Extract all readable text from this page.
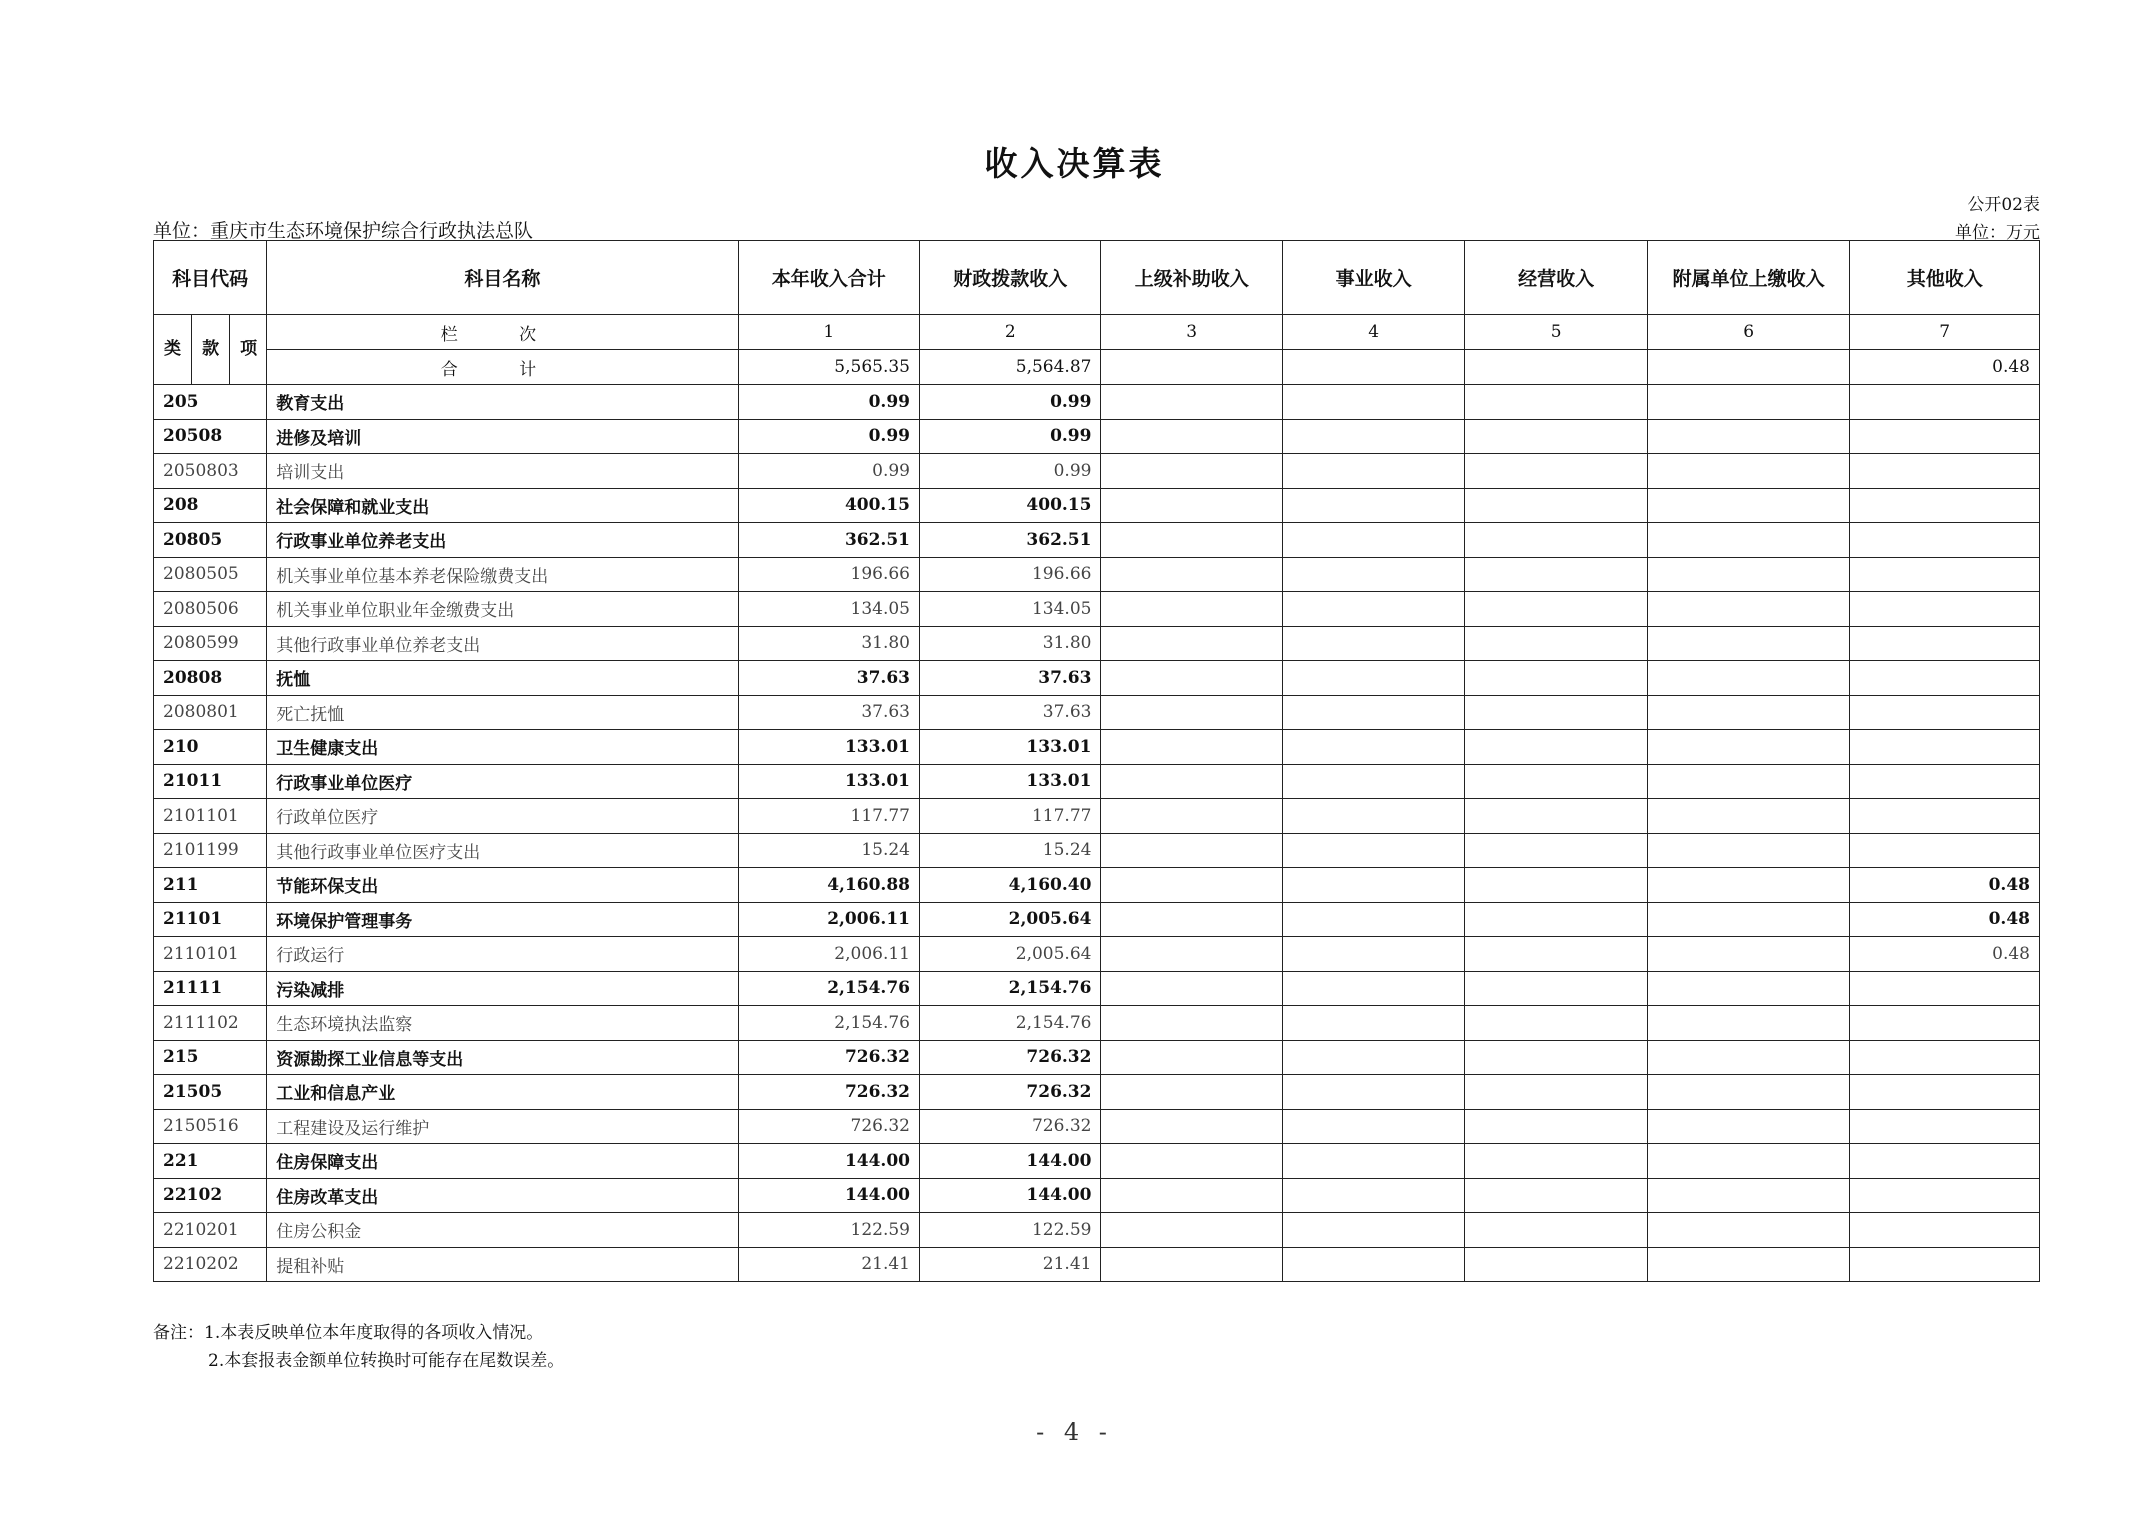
收入决算表
公开02表
单位：重庆市生态环境保护综合行政执法总队	单位：万元
科目代码	科目名称	本年收入合计	财政拨款收入	上级补助收入	事业收入	经营收入	附属单位上缴收入	其他收入
类 款 项	栏 次	1	2	3	4	5	6	7
	合 计	5,565.35	5,564.87					0.48
205	教育支出	0.99	0.99					
20508	进修及培训	0.99	0.99					
2050803	培训支出	0.99	0.99					
208	社会保障和就业支出	400.15	400.15					
20805	行政事业单位养老支出	362.51	362.51					
2080505	机关事业单位基本养老保险缴费支出	196.66	196.66					
2080506	机关事业单位职业年金缴费支出	134.05	134.05					
2080599	其他行政事业单位养老支出	31.80	31.80					
20808	抚恤	37.63	37.63					
2080801	死亡抚恤	37.63	37.63					
210	卫生健康支出	133.01	133.01					
21011	行政事业单位医疗	133.01	133.01					
2101101	行政单位医疗	117.77	117.77					
2101199	其他行政事业单位医疗支出	15.24	15.24					
211	节能环保支出	4,160.88	4,160.40					0.48
21101	环境保护管理事务	2,006.11	2,005.64					0.48
2110101	行政运行	2,006.11	2,005.64					0.48
21111	污染减排	2,154.76	2,154.76					
2111102	生态环境执法监察	2,154.76	2,154.76					
215	资源勘探工业信息等支出	726.32	726.32					
21505	工业和信息产业	726.32	726.32					
2150516	工程建设及运行维护	726.32	726.32					
221	住房保障支出	144.00	144.00					
22102	住房改革支出	144.00	144.00					
2210201	住房公积金	122.59	122.59					
2210202	提租补贴	21.41	21.41					
备注：1.本表反映单位本年度取得的各项收入情况。
2.本套报表金额单位转换时可能存在尾数误差。
- 4 -
